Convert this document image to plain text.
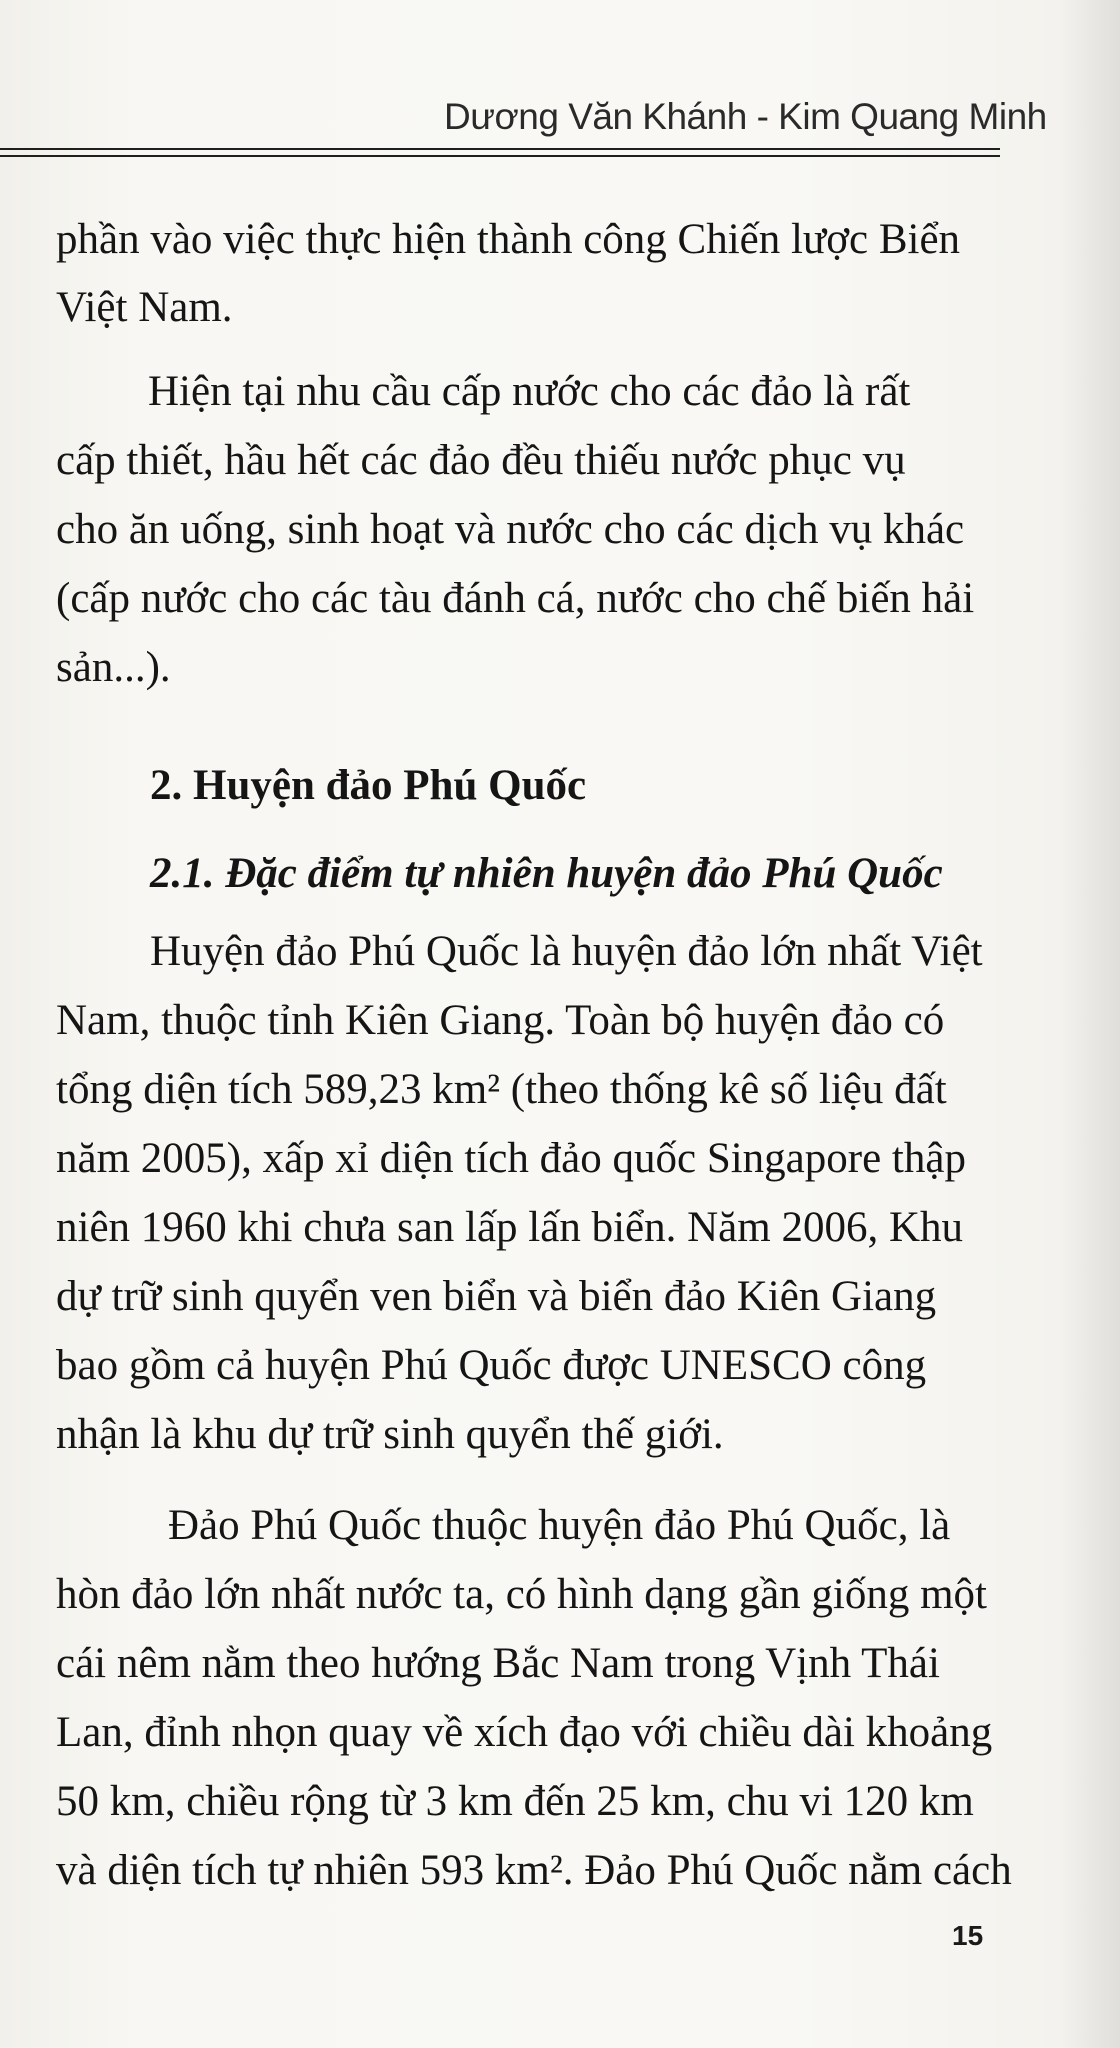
Dương Văn Khánh - Kim Quang Minh
phần vào việc thực hiện thành công Chiến lược Biển
Việt Nam.
Hiện tại nhu cầu cấp nước cho các đảo là rất
cấp thiết, hầu hết các đảo đều thiếu nước phục vụ
cho ăn uống, sinh hoạt và nước cho các dịch vụ khác
(cấp nước cho các tàu đánh cá, nước cho chế biến hải
sản...).
2. Huyện đảo Phú Quốc
2.1. Đặc điểm tự nhiên huyện đảo Phú Quốc
Huyện đảo Phú Quốc là huyện đảo lớn nhất Việt
Nam, thuộc tỉnh Kiên Giang. Toàn bộ huyện đảo có
tổng diện tích 589,23 km² (theo thống kê số liệu đất
năm 2005), xấp xỉ diện tích đảo quốc Singapore thập
niên 1960 khi chưa san lấp lấn biển. Năm 2006, Khu
dự trữ sinh quyển ven biển và biển đảo Kiên Giang
bao gồm cả huyện Phú Quốc được UNESCO công
nhận là khu dự trữ sinh quyển thế giới.
Đảo Phú Quốc thuộc huyện đảo Phú Quốc, là
hòn đảo lớn nhất nước ta, có hình dạng gần giống một
cái nêm nằm theo hướng Bắc Nam trong Vịnh Thái
Lan, đỉnh nhọn quay về xích đạo với chiều dài khoảng
50 km, chiều rộng từ 3 km đến 25 km, chu vi 120 km
và diện tích tự nhiên 593 km². Đảo Phú Quốc nằm cách
15
